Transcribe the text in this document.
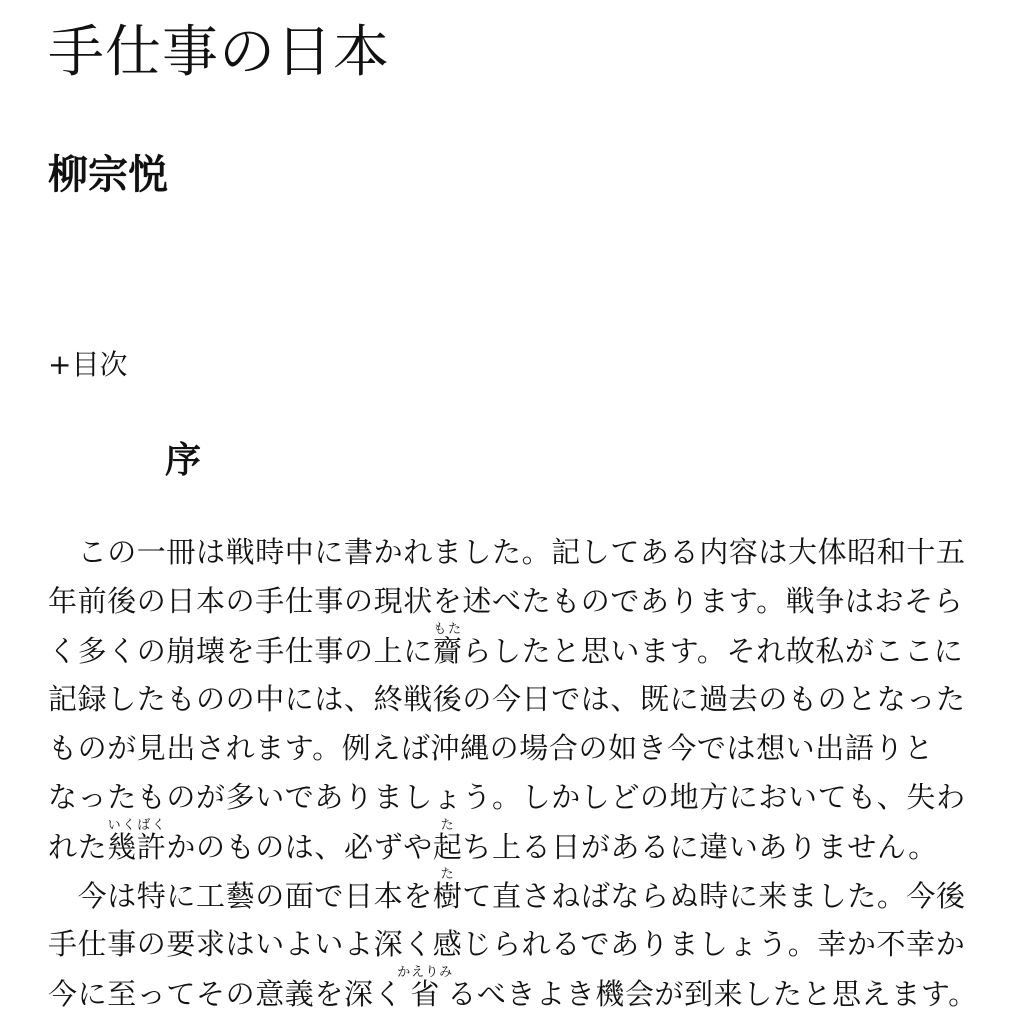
手仕事の日本
柳宗悦
+目次
序
　この一冊は戦時中に書かれました。記してある内容は大体昭和十五
年前後の日本の手仕事の現状を述べたものであります。戦争はおそら
く多くの崩壊を手仕事の上に齎もたらしたと思います。それ故私がここに
記録したものの中には、終戦後の今日では、既に過去のものとなった
ものが見出されます。例えば沖縄の場合の如き今では想い出語りと
なったものが多いでありましょう。しかしどの地方においても、失わ
れた幾許いくばくかのものは、必ずや起たち上る日があるに違いありません。
　今は特に工藝の面で日本を樹たて直さねばならぬ時に来ました。今後
手仕事の要求はいよいよ深く感じられるでありましょう。幸か不幸か
今に至ってその意義を深く省かえりみるべきよき機会が到来したと思えます。
